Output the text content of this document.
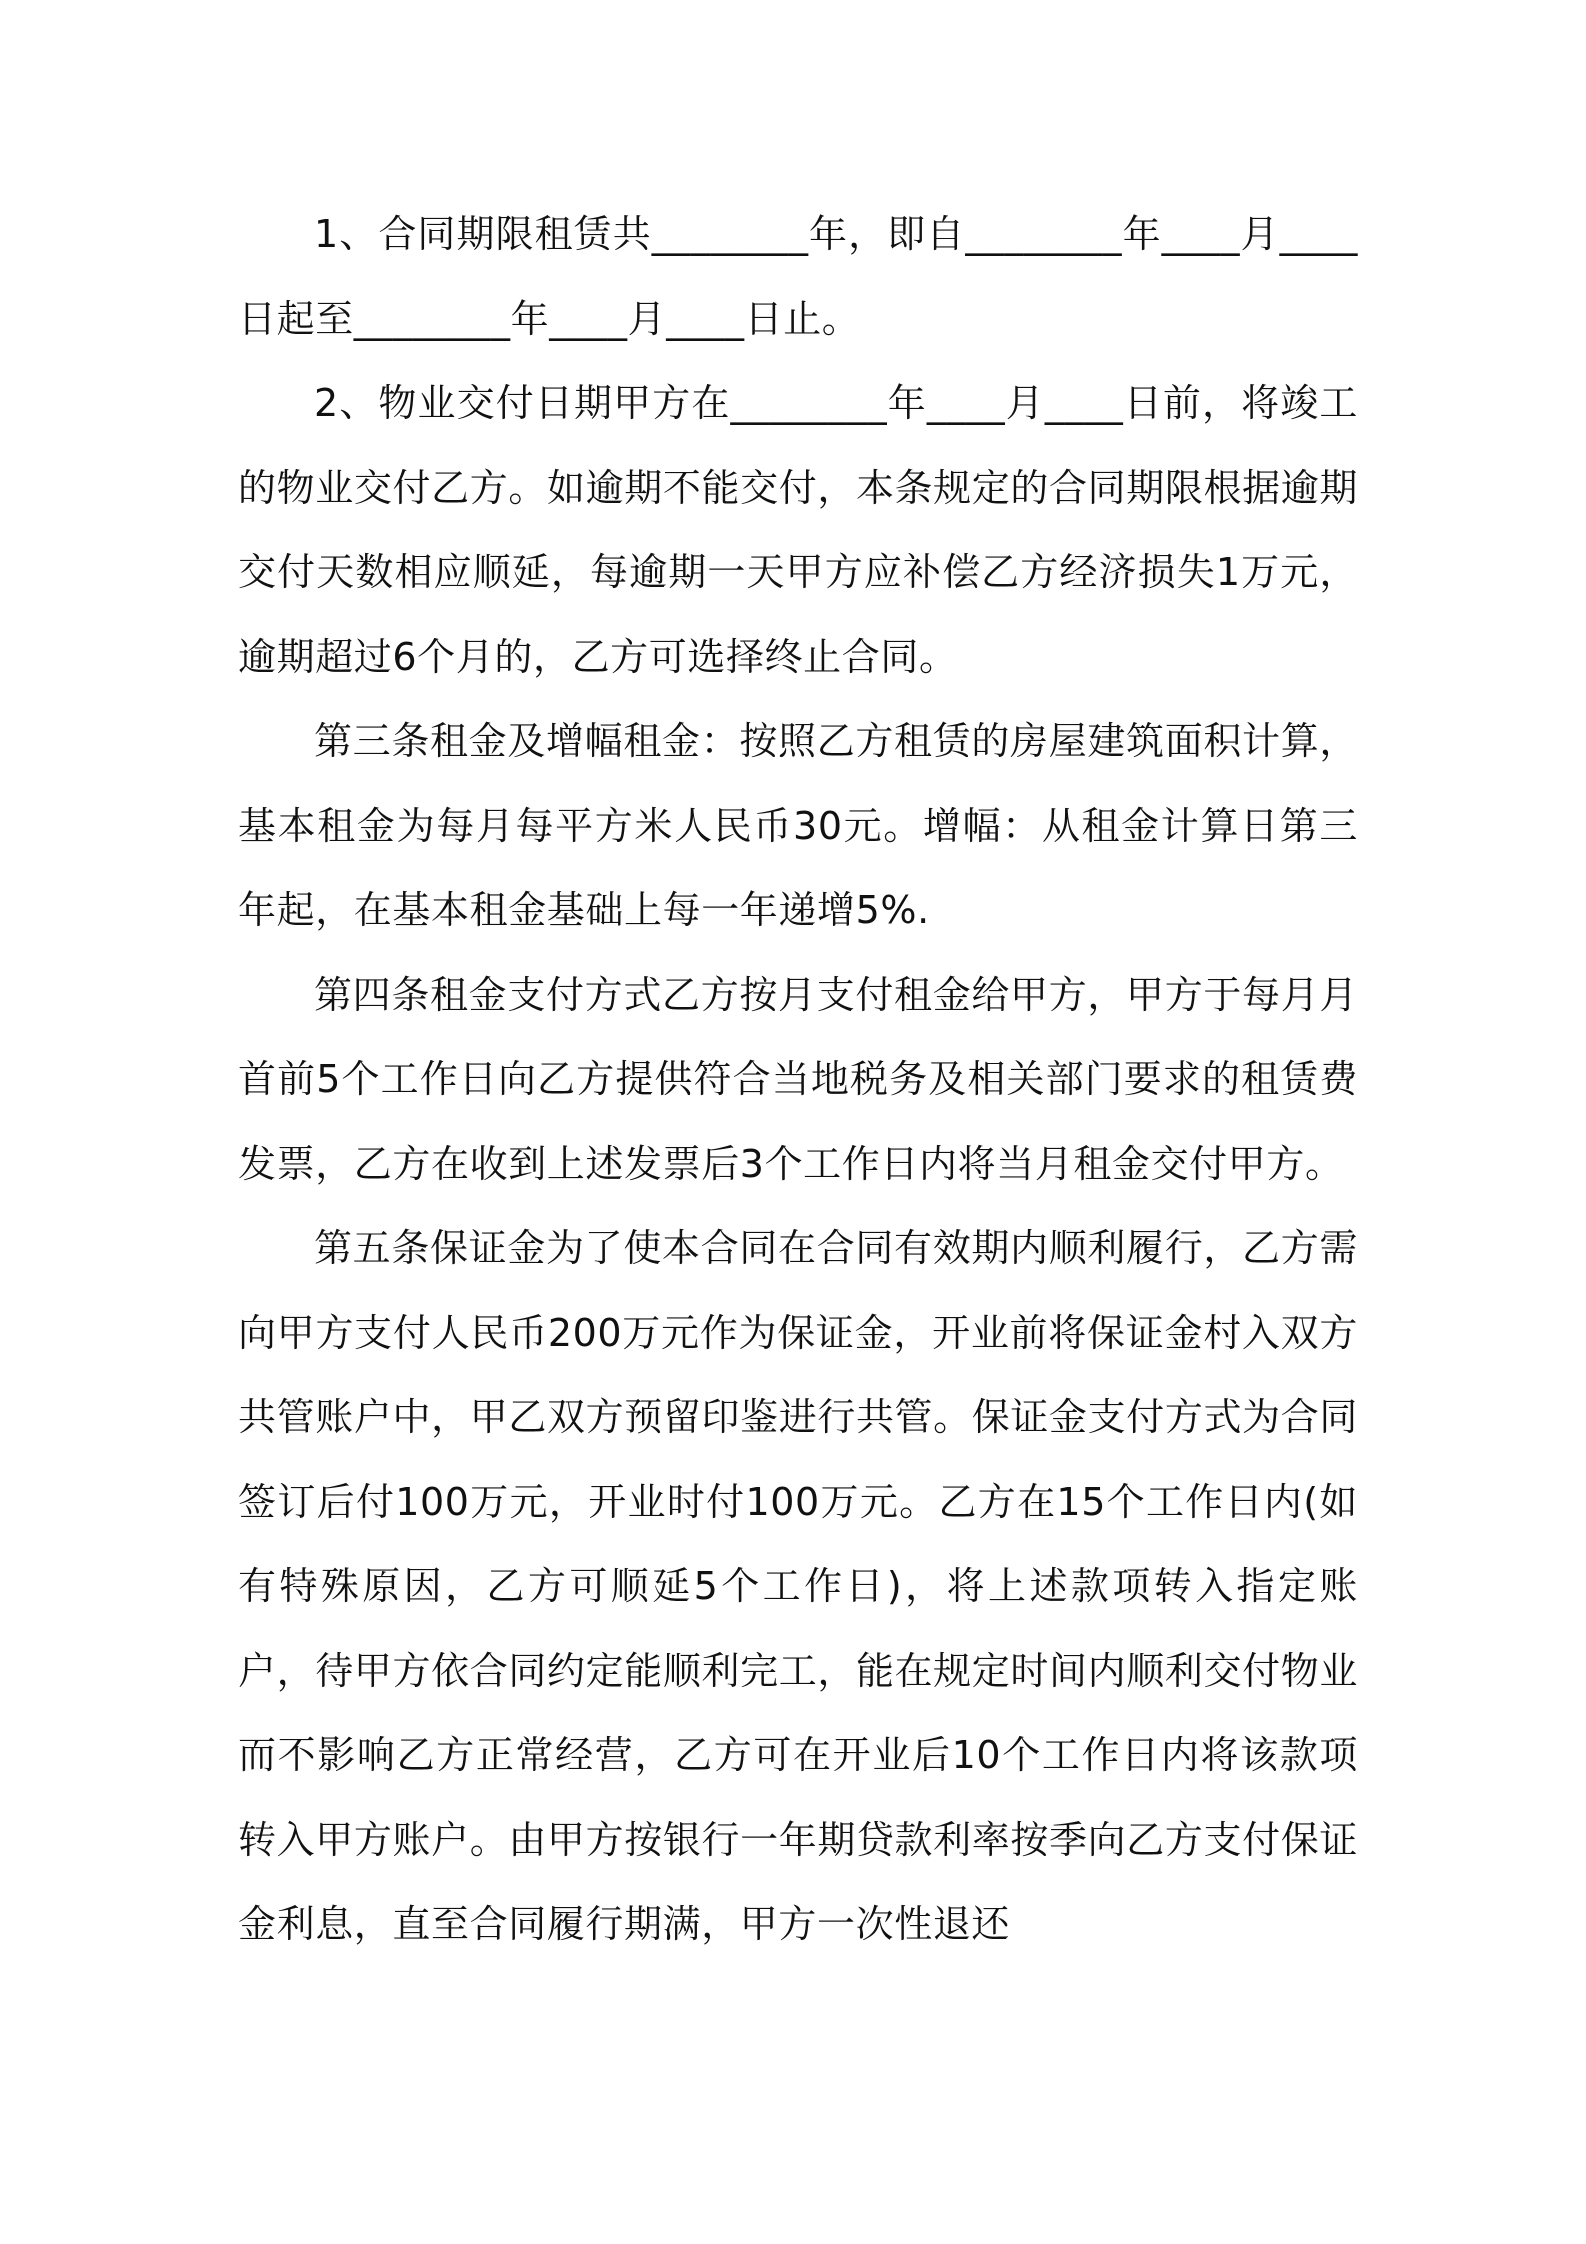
1、合同期限租赁共________年，即自________年____月____日起至________年____月____日止。

2、物业交付日期甲方在________年____月____日前，将竣工的物业交付乙方。如逾期不能交付，本条规定的合同期限根据逾期交付天数相应顺延，每逾期一天甲方应补偿乙方经济损失1万元，逾期超过6个月的，乙方可选择终止合同。

第三条租金及增幅租金：按照乙方租赁的房屋建筑面积计算，基本租金为每月每平方米人民币30元。增幅：从租金计算日第三年起，在基本租金基础上每一年递增5%.

第四条租金支付方式乙方按月支付租金给甲方，甲方于每月月首前5个工作日向乙方提供符合当地税务及相关部门要求的租赁费发票，乙方在收到上述发票后3个工作日内将当月租金交付甲方。

第五条保证金为了使本合同在合同有效期内顺利履行，乙方需向甲方支付人民币200万元作为保证金，开业前将保证金村入双方共管账户中，甲乙双方预留印鉴进行共管。保证金支付方式为合同签订后付100万元，开业时付100万元。乙方在15个工作日内(如有特殊原因，乙方可顺延5个工作日)，将上述款项转入指定账户，待甲方依合同约定能顺利完工，能在规定时间内顺利交付物业而不影响乙方正常经营，乙方可在开业后10个工作日内将该款项转入甲方账户。由甲方按银行一年期贷款利率按季向乙方支付保证金利息，直至合同履行期满，甲方一次性退还
